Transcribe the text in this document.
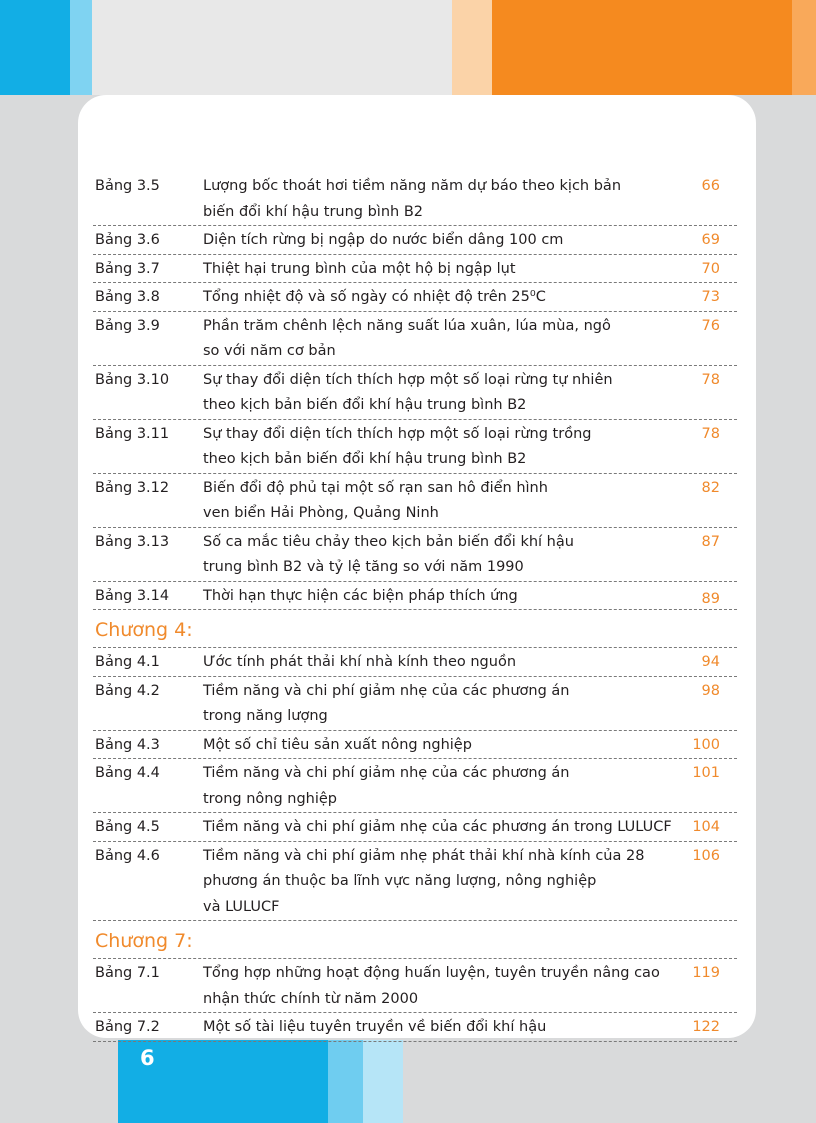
Bảng 3.5	Lượng bốc thoát hơi tiềm năng năm dự báo theo kịch bản
biến đổi khí hậu trung bình B2
66
Bảng 3.6	Diện tích rừng bị ngập do nước biển dâng 100 cm	69
Bảng 3.7	Thiệt hại trung bình của một hộ bị ngập lụt	70
Bảng 3.8	Tổng nhiệt độ và số ngày có nhiệt độ trên 25⁰C	73
Bảng 3.9	Phần trăm chênh lệch năng suất lúa xuân, lúa mùa, ngô
so với năm cơ bản
76
Bảng 3.10 Sự thay đổi diện tích thích hợp một số loại rừng tự nhiên
theo kịch bản biến đổi khí hậu trung bình B2
78
Bảng 3.11 Sự thay đổi diện tích thích hợp một số loại rừng trồng
theo kịch bản biến đổi khí hậu trung bình B2
78
Bảng 3.12 Biến đổi độ phủ tại một số rạn san hô điển hình
ven biển Hải Phòng, Quảng Ninh
82
Bảng 3.13 Số ca mắc tiêu chảy theo kịch bản biến đổi khí hậu
trung bình B2 và tỷ lệ tăng so với năm 1990
87
Bảng 3.14 Thời hạn thực hiện các biện pháp thích ứng	89
Chương 4:
Bảng 4.1	Ước tính phát thải khí nhà kính theo nguồn	94
Bảng 4.2	Tiềm năng và chi phí giảm nhẹ của các phương án
trong năng lượng
98
Bảng 4.3	Một số chỉ tiêu sản xuất nông nghiệp	100
Bảng 4.4	Tiềm năng và chi phí giảm nhẹ của các phương án
trong nông nghiệp
101
Bảng 4.5	Tiềm năng và chi phí giảm nhẹ của các phương án trong LULUCF	104
Bảng 4.6	Tiềm năng và chi phí giảm nhẹ phát thải khí nhà kính của 28
phương án thuộc ba lĩnh vực năng lượng, nông nghiệp
và LULUCF
106
Chương 7:
Bảng 7.1	Tổng hợp những hoạt động huấn luyện, tuyên truyền nâng cao
nhận thức chính từ năm 2000
119
Bảng 7.2	Một số tài liệu tuyên truyền về biến đổi khí hậu	122
6
